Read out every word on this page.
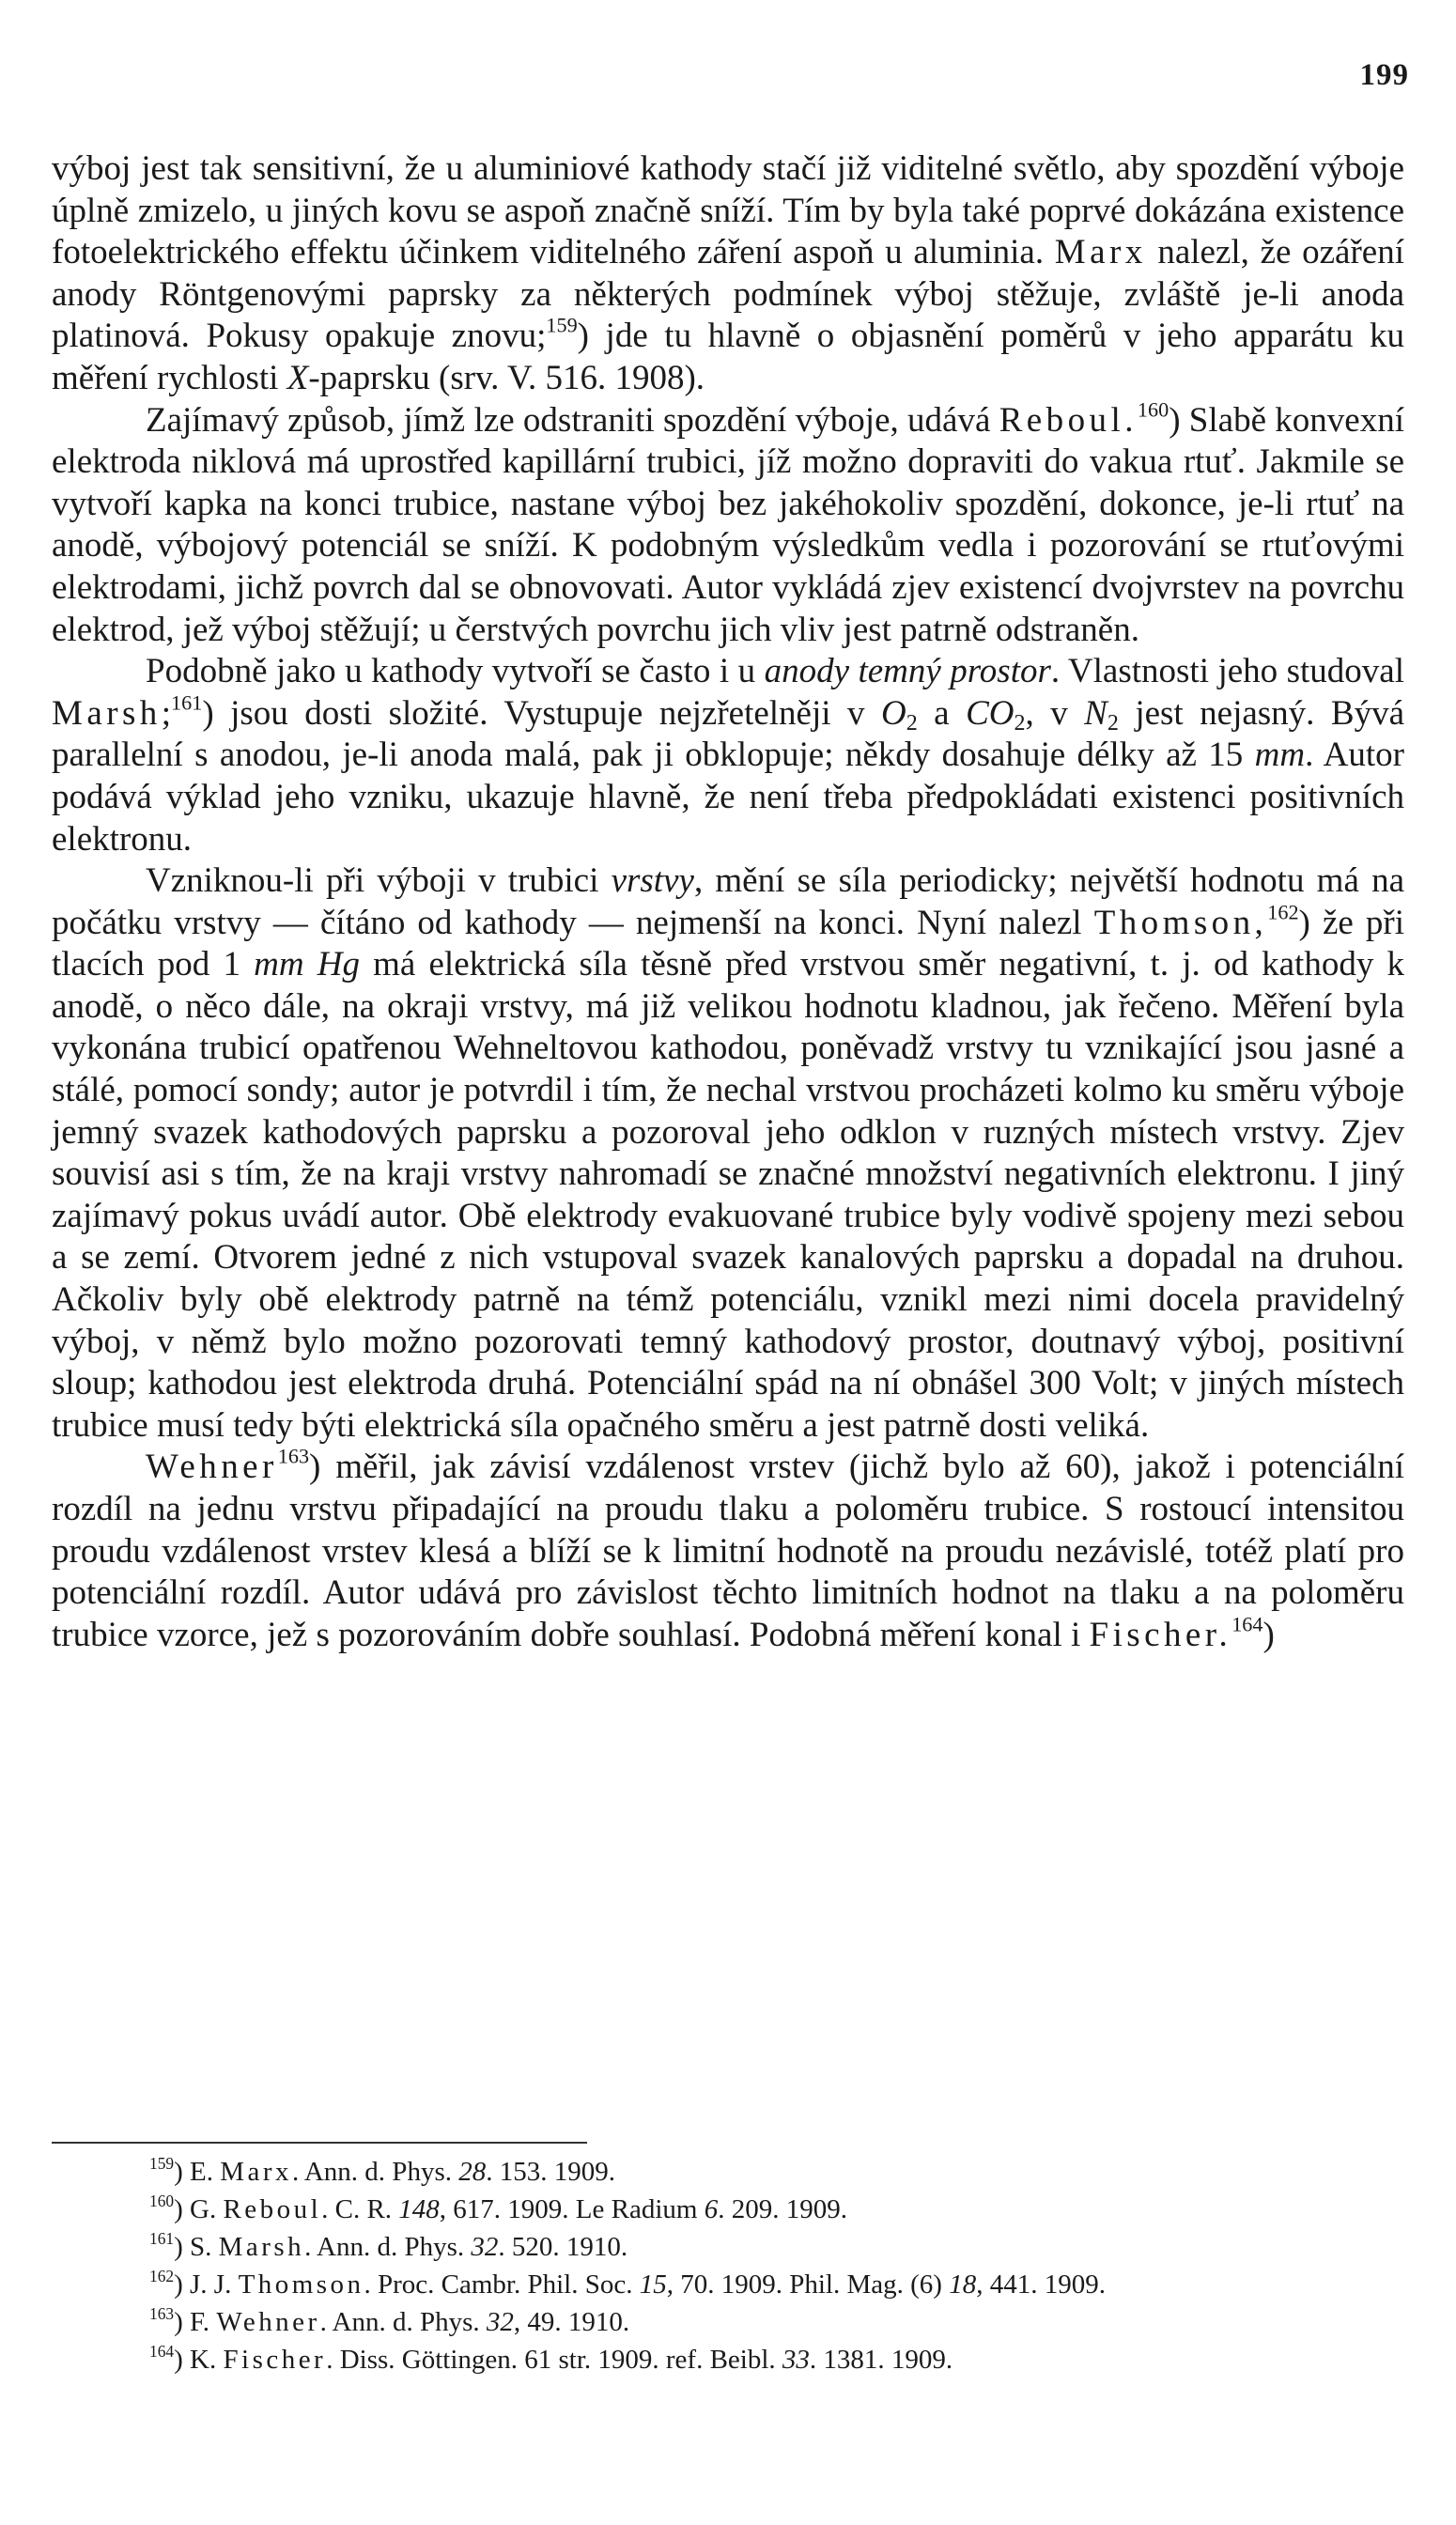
199

výboj jest tak sensitivní, že u aluminiové kathody stačí již viditelné světlo, aby spozdění výboje úplně zmizelo, u jiných kovu se aspoň značně sníží. Tím by byla také poprvé dokázána existence fotoelektrického effektu účinkem viditelného záření aspoň u aluminia. Marx nalezl, že ozáření anody Röntgenovými paprsky za některých podmínek výboj stěžuje, zvláště je-li anoda platinová. Pokusy opakuje znovu;$^{159}$) jde tu hlavně o objasnění poměrů v jeho apparátu ku měření rychlosti X-paprsku (srv. V. 516. 1908).

Zajímavý způsob, jímž lze odstraniti spozdění výboje, udává Reboul.$^{160}$) Slabě konvexní elektroda niklová má uprostřed kapillární trubici, jíž možno dopraviti do vakua rtuť. Jakmile se vytvoří kapka na konci trubice, nastane výboj bez jakéhokoliv spozdění, dokonce, je-li rtuť na anodě, výbojový potenciál se sníží. K podobným výsledkům vedla i pozorování se rtuťovými elektrodami, jichž povrch dal se obnovovati. Autor vykládá zjev existencí dvojvrstev na povrchu elektrod, jež výboj stěžují; u čerstvých povrchu jich vliv jest patrně odstraněn.

Podobně jako u kathody vytvoří se často i u anody temný prostor. Vlastnosti jeho studoval Marsh;$^{161}$) jsou dosti složité. Vystupuje nejzřetelněji v $O_2$ a $CO_2$, v $N_2$ jest nejasný. Bývá parallelní s anodou, je-li anoda malá, pak ji obklopuje; někdy dosahuje délky až 15 mm. Autor podává výklad jeho vzniku, ukazuje hlavně, že není třeba předpokládati existenci positivních elektronu.

Vzniknou-li při výboji v trubici vrstvy, mění se síla periodicky; největší hodnotu má na počátku vrstvy — čítáno od kathody — nejmenší na konci. Nyní nalezl Thomson,$^{162}$) že při tlacích pod 1 mm Hg má elektrická síla těsně před vrstvou směr negativní, t. j. od kathody k anodě, o něco dále, na okraji vrstvy, má již velikou hodnotu kladnou, jak řečeno. Měření byla vykonána trubicí opatřenou Wehneltovou kathodou, poněvadž vrstvy tu vznikající jsou jasné a stálé, pomocí sondy; autor je potvrdil i tím, že nechal vrstvou procházeti kolmo ku směru výboje jemný svazek kathodových paprsku a pozoroval jeho odklon v ruzných místech vrstvy. Zjev souvisí asi s tím, že na kraji vrstvy nahromadí se značné množství negativních elektronu. I jiný zajímavý pokus uvádí autor. Obě elektrody evakuované trubice byly vodivě spojeny mezi sebou a se zemí. Otvorem jedné z nich vstupoval svazek kanalových paprsku a dopadal na druhou. Ačkoliv byly obě elektrody patrně na témž potenciálu, vznikl mezi nimi docela pravidelný výboj, v němž bylo možno pozorovati temný kathodový prostor, doutnavý výboj, positivní sloup; kathodou jest elektroda druhá. Potenciální spád na ní obnášel 300 Volt; v jiných místech trubice musí tedy býti elektrická síla opačného směru a jest patrně dosti veliká.

Wehner$^{163}$) měřil, jak závisí vzdálenost vrstev (jichž bylo až 60), jakož i potenciální rozdíl na jednu vrstvu připadající na proudu tlaku a poloměru trubice. S rostoucí intensitou proudu vzdálenost vrstev klesá a blíží se k limitní hodnotě na proudu nezávislé, totéž platí pro potenciální rozdíl. Autor udává pro závislost těchto limitních hodnot na tlaku a na poloměru trubice vzorce, jež s pozorováním dobře souhlasí. Podobná měření konal i Fischer.$^{164}$)

$^{159}$) E. Marx. Ann. d. Phys. 28. 153. 1909.
$^{160}$) G. Reboul. C. R. 148, 617. 1909. Le Radium 6. 209. 1909.
$^{161}$) S. Marsh. Ann. d. Phys. 32. 520. 1910.
$^{162}$) J. J. Thomson. Proc. Cambr. Phil. Soc. 15, 70. 1909. Phil. Mag. (6) 18, 441. 1909.
$^{163}$) F. Wehner. Ann. d. Phys. 32, 49. 1910.
$^{164}$) K. Fischer. Diss. Göttingen. 61 str. 1909. ref. Beibl. 33. 1381. 1909.
